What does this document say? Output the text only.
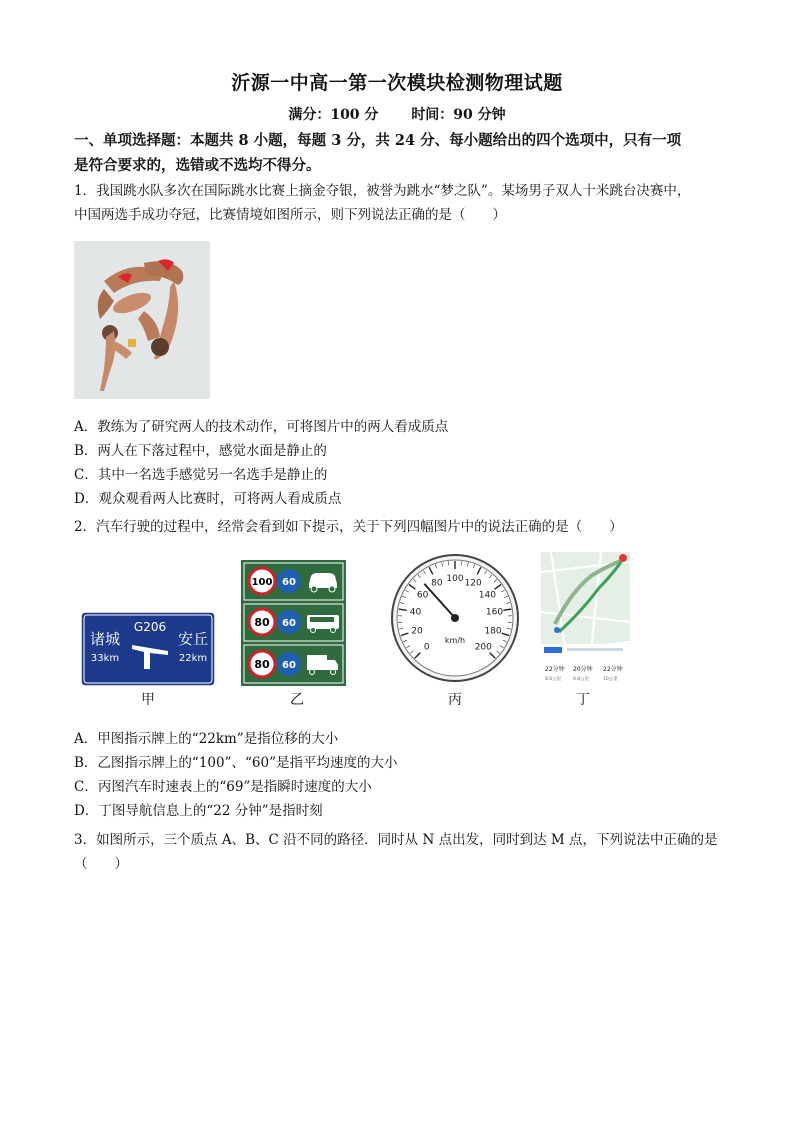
沂源一中高一第一次模块检测物理试题
满分：100 分 时间：90 分钟
一、单项选择题：本题共 8 小题，每题 3 分，共 24 分、每小题给出的四个选项中，只有一项
是符合要求的，选错或不选均不得分。
1．我国跳水队多次在国际跳水比赛上摘金夺银，被誉为跳水“梦之队”。某场男子双人十米跳台决赛中，
中国两选手成功夺冠，比赛情境如图所示，则下列说法正确的是（　　）
A．教练为了研究两人的技术动作，可将图片中的两人看成质点
B．两人在下落过程中，感觉水面是静止的
C．其中一名选手感觉另一名选手是静止的
D．观众观看两人比赛时，可将两人看成质点
2．汽车行驶的过程中，经常会看到如下提示，关于下列四幅图片中的说法正确的是（　　）
G206
诸城
33km
安丘
22km
100 60
80 60
80 60
0
20
40
60
80 100 120
140
160
180
200
km/h
22分钟 20分钟 22分钟
8.6公里	9.8公里	10公里
甲	乙	丙	丁
A．甲图指示牌上的“22km”是指位移的大小
B．乙图指示牌上的“100”、“60”是指平均速度的大小
C．丙图汽车时速表上的“69”是指瞬时速度的大小
D．丁图导航信息上的“22 分钟”是指时刻
3．如图所示，三个质点 A、B、C 沿不同的路径．同时从 N 点出发，同时到达 M 点，下列说法中正确的是
（　　）
